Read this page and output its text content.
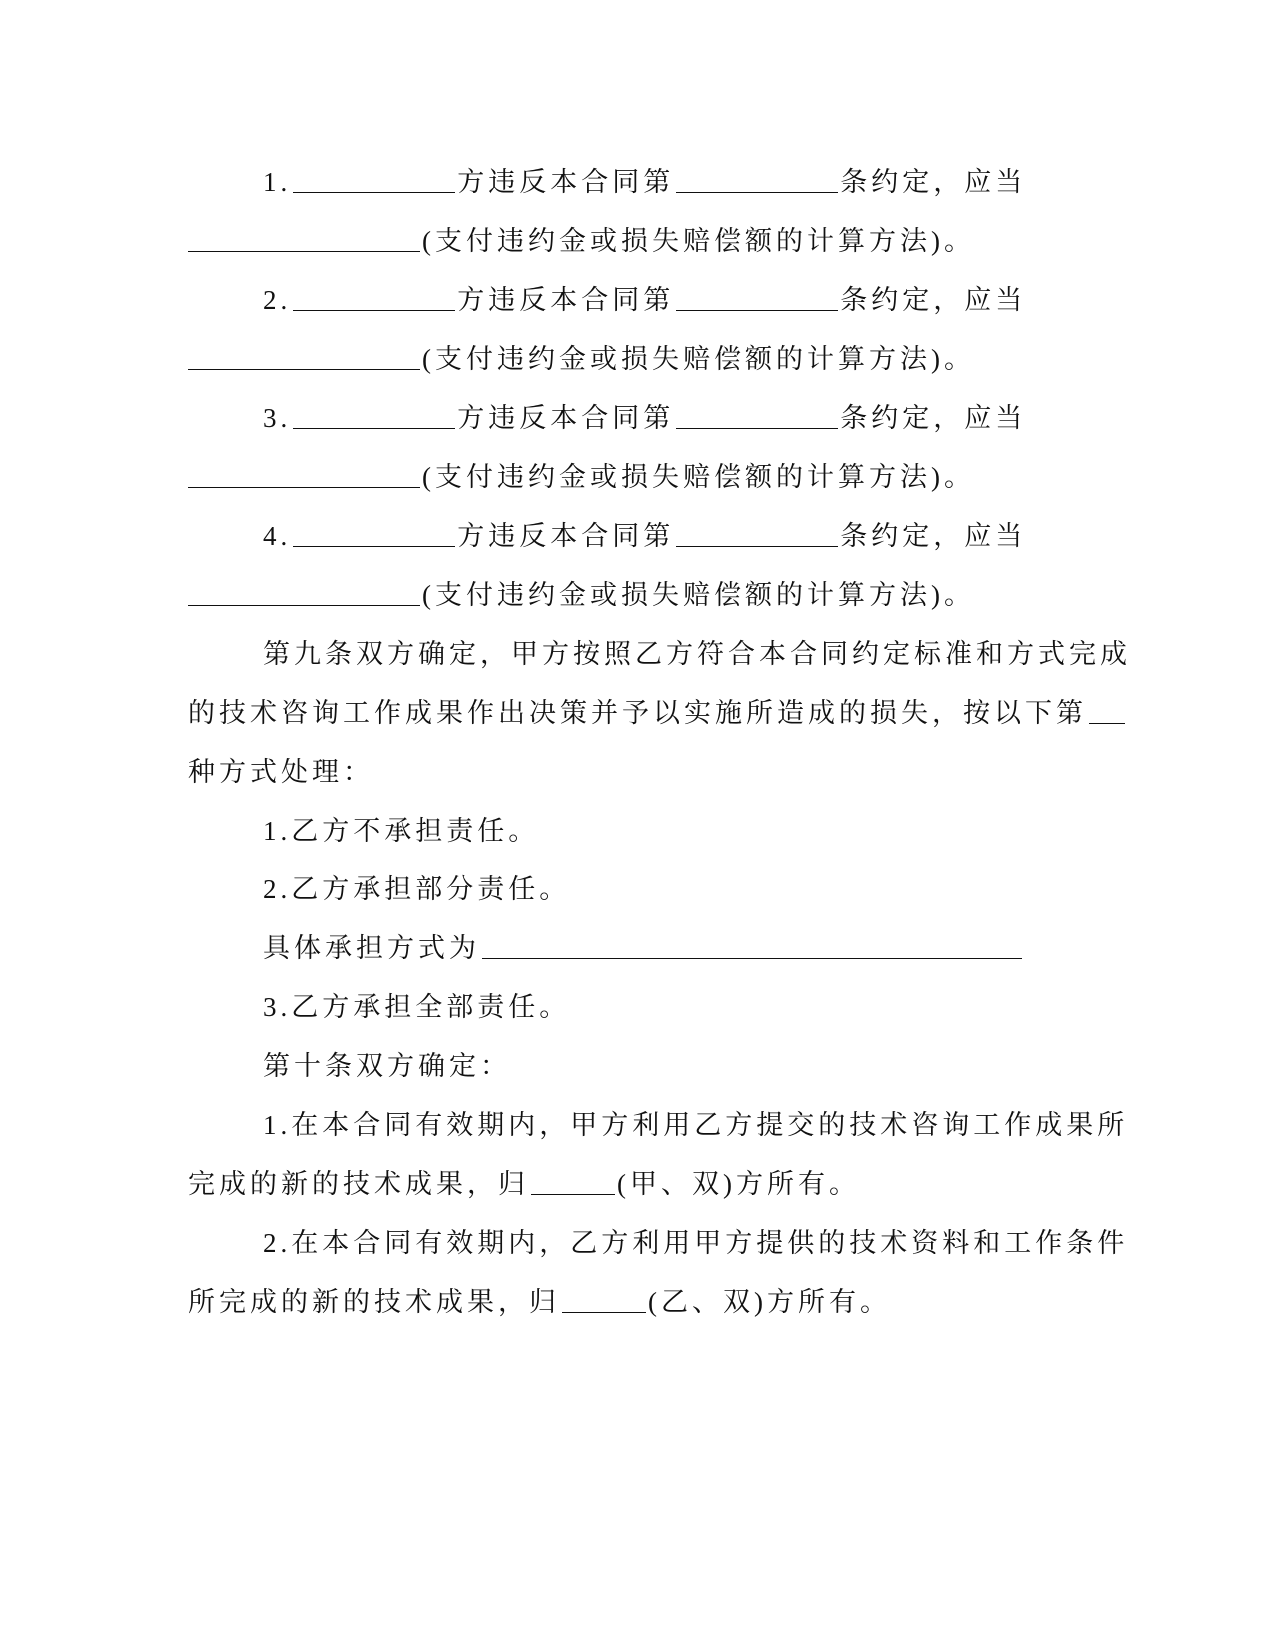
1.	方违反本合同第	条约定，应当
(支付违约金或损失赔偿额的计算方法)。
2.	方违反本合同第	条约定，应当
(支付违约金或损失赔偿额的计算方法)。
3.	方违反本合同第	条约定，应当
(支付违约金或损失赔偿额的计算方法)。
4.	方违反本合同第	条约定，应当
(支付违约金或损失赔偿额的计算方法)。
第九条双方确定，甲方按照乙方符合本合同约定标准和方式完成
的技术咨询工作成果作出决策并予以实施所造成的损失，按以下第
种方式处理：
1.乙方不承担责任。
2.乙方承担部分责任。
具体承担方式为
3.乙方承担全部责任。
第十条双方确定：
1.在本合同有效期内，甲方利用乙方提交的技术咨询工作成果所
完成的新的技术成果，归	(甲、双)方所有。
2.在本合同有效期内，乙方利用甲方提供的技术资料和工作条件
所完成的新的技术成果，归	(乙、双)方所有。
